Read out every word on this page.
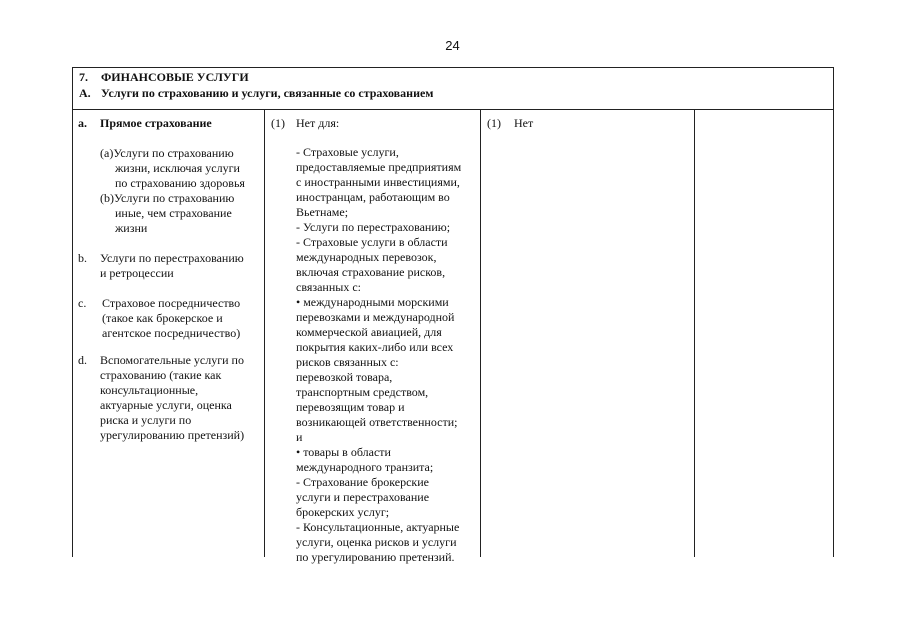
24
7. ФИНАНСОВЫЕ УСЛУГИ
A. Услуги по страхованию и услуги, связанные со страхованием
a. Прямое страхование
(a)Услуги по страхованию
жизни, исключая услуги
по страхованию здоровья
(b)Услуги по страхованию
иные, чем страхование
жизни
b. Услуги по перестрахованию
и ретроцессии
c. Страховое посредничество
(такое как брокерское и
агентское посредничество)
d. Вспомогательные услуги по
страхованию (такие как
консультационные,
актуарные услуги, оценка
риска и услуги по
урегулированию претензий)
(1) Нет для:
- Страховые услуги,
предоставляемые предприятиям
с иностранными инвестициями,
иностранцам, работающим во
Вьетнаме;
- Услуги по перестрахованию;
- Страховые услуги в области
международных перевозок,
включая страхование рисков,
связанных с:
• международными морскими
перевозками и международной
коммерческой авиацией, для
покрытия каких-либо или всех
рисков связанных с:
перевозкой товара,
транспортным средством,
перевозящим товар и
возникающей ответственности;
и
• товары в области
международного транзита;
- Страхование брокерские
услуги и перестрахование
брокерских услуг;
- Консультационные, актуарные
услуги, оценка рисков и услуги
по урегулированию претензий.
(1) Нет
